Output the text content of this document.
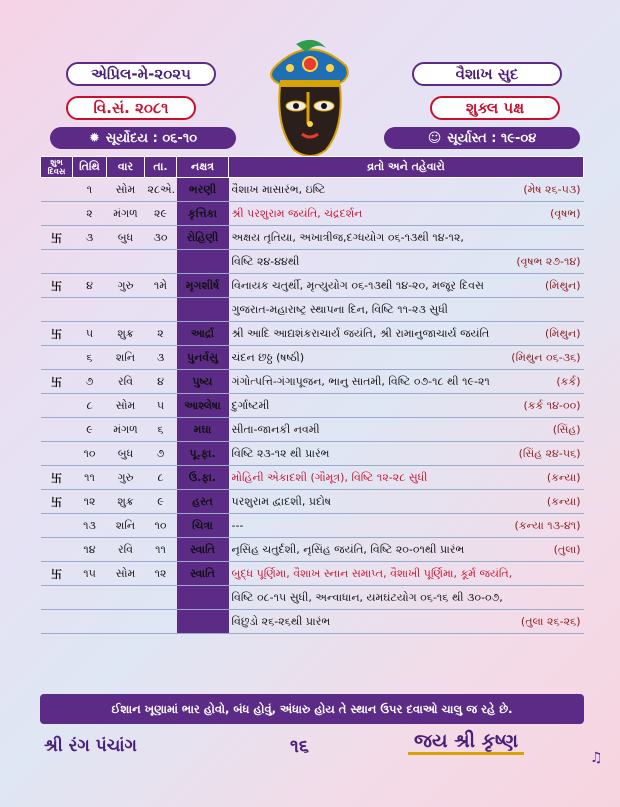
એપ્રિલ-મે-૨૦૨૫
વિ.સં. ૨૦૮૧
✹ સૂર્યોદય : ૦૬-૧૦
વૈશાખ સુદ
શુક્લ પક્ષ
☺ સૂર્યાસ્ત : ૧૯-૦૪
શુભ દિવસ	તિથિ	વાર	તા.	નક્ષત્ર	વ્રતો અને તહેવારો
	૧	સોમ	૨૮એ.	ભરણી	વૈશાખ માસારંભ, ઇષ્ટિ (મેષ ૨૬-૫૩)

	૨	મંગળ	૨૯	કૃત્તિકા	શ્રી પરશુરામ જયંતિ, ચંદ્રદર્શન (વૃષભ)

卐	૩	બુધ	૩૦	રોહિણી	અક્ષય તૃતિયા, અખાત્રીજ,દગ્ધયોગ ૦૬-૧૩થી ૧૪-૧૨,

					વિષ્ટિ ૨૪-૪૪થી (વૃષભ ૨૭-૧૪)

卐	૪	ગુરુ	૧મે	મૃગશીર્ષ	વિનાયક ચતુર્થી, મૃત્યુયોગ ૦૬-૧૩થી ૧૪-૨૦, મજૂર દિવસ (મિથુન)

					ગુજરાત-મહારાષ્ટ્ર સ્થાપના દિન, વિષ્ટિ ૧૧-૨૩ સુધી

卐	૫	શુક્ર	૨	આર્દ્રા	શ્રી આદિ આદ્યશંકરાચાર્ય જયંતિ, શ્રી રામાનુજાચાર્ય જયંતિ (મિથુન)

	૬	શનિ	૩	પુનર્વસુ	ચંદન છઠ્ઠ (ષષ્ઠી) (મિથુન ૦૬-૩૬)

卐	૭	રવિ	૪	પુષ્ય	ગંગોત્પત્તિ-ગંગાપૂજન, ભાનુ સાતમી, વિષ્ટિ ૦૭-૧૮ થી ૧૯-૨૧ (કર્ક)

	૮	સોમ	૫	આશ્લેષા	દુર્ગાષ્ટમી (કર્ક ૧૪-૦૦)

	૯	મંગળ	૬	મઘા	સીતા-જાનકી નવમી (સિંહ)

	૧૦	બુધ	૭	પૂ.ફા.	વિષ્ટિ ૨૩-૧૨ થી પ્રારંભ (સિંહ ૨૪-૫૬)

卐	૧૧	ગુરુ	૮	ઉ.ફા.	મોહિની એકાદશી (ગૌમૂત્ર), વિષ્ટિ ૧૨-૨૮ સુધી (કન્યા)

卐	૧૨	શુક્ર	૯	હસ્ત	પરશુરામ દ્વાદશી, પ્રદોષ (કન્યા)

	૧૩	શનિ	૧૦	ચિત્રા	--- (કન્યા ૧૩-૪૧)

	૧૪	રવિ	૧૧	સ્વાતિ	નૃસિંહ ચતુર્દશી, નૃસિંહ જયંતિ, વિષ્ટિ ૨૦-૦૧થી પ્રારંભ (તુલા)

卐	૧૫	સોમ	૧૨	સ્વાતિ	બુદ્ધ પૂર્ણિમા, વૈશાખ સ્નાન સમાપ્ત, વૈશાખી પૂર્ણિમા, કૂર્મ જયંતિ,

					વિષ્ટિ ૦૮-૧૫ સુધી, અન્વાધાન, યમઘંટયોગ ૦૬-૧૬ થી ૩૦-૦૭,

					વિંછુડો ૨૬-૨૬થી પ્રારંભ (તુલા ૨૬-૨૬)
ઈશાન ખૂણામાં ભાર હોવો, બંધ હોવું, અંધારુ હોય તે સ્થાન ઉપર દવાઓ ચાલુ જ રહે છે.
શ્રી રંગ પંચાંગ	૧૬	જય શ્રી કૃષ્ણ
♫
